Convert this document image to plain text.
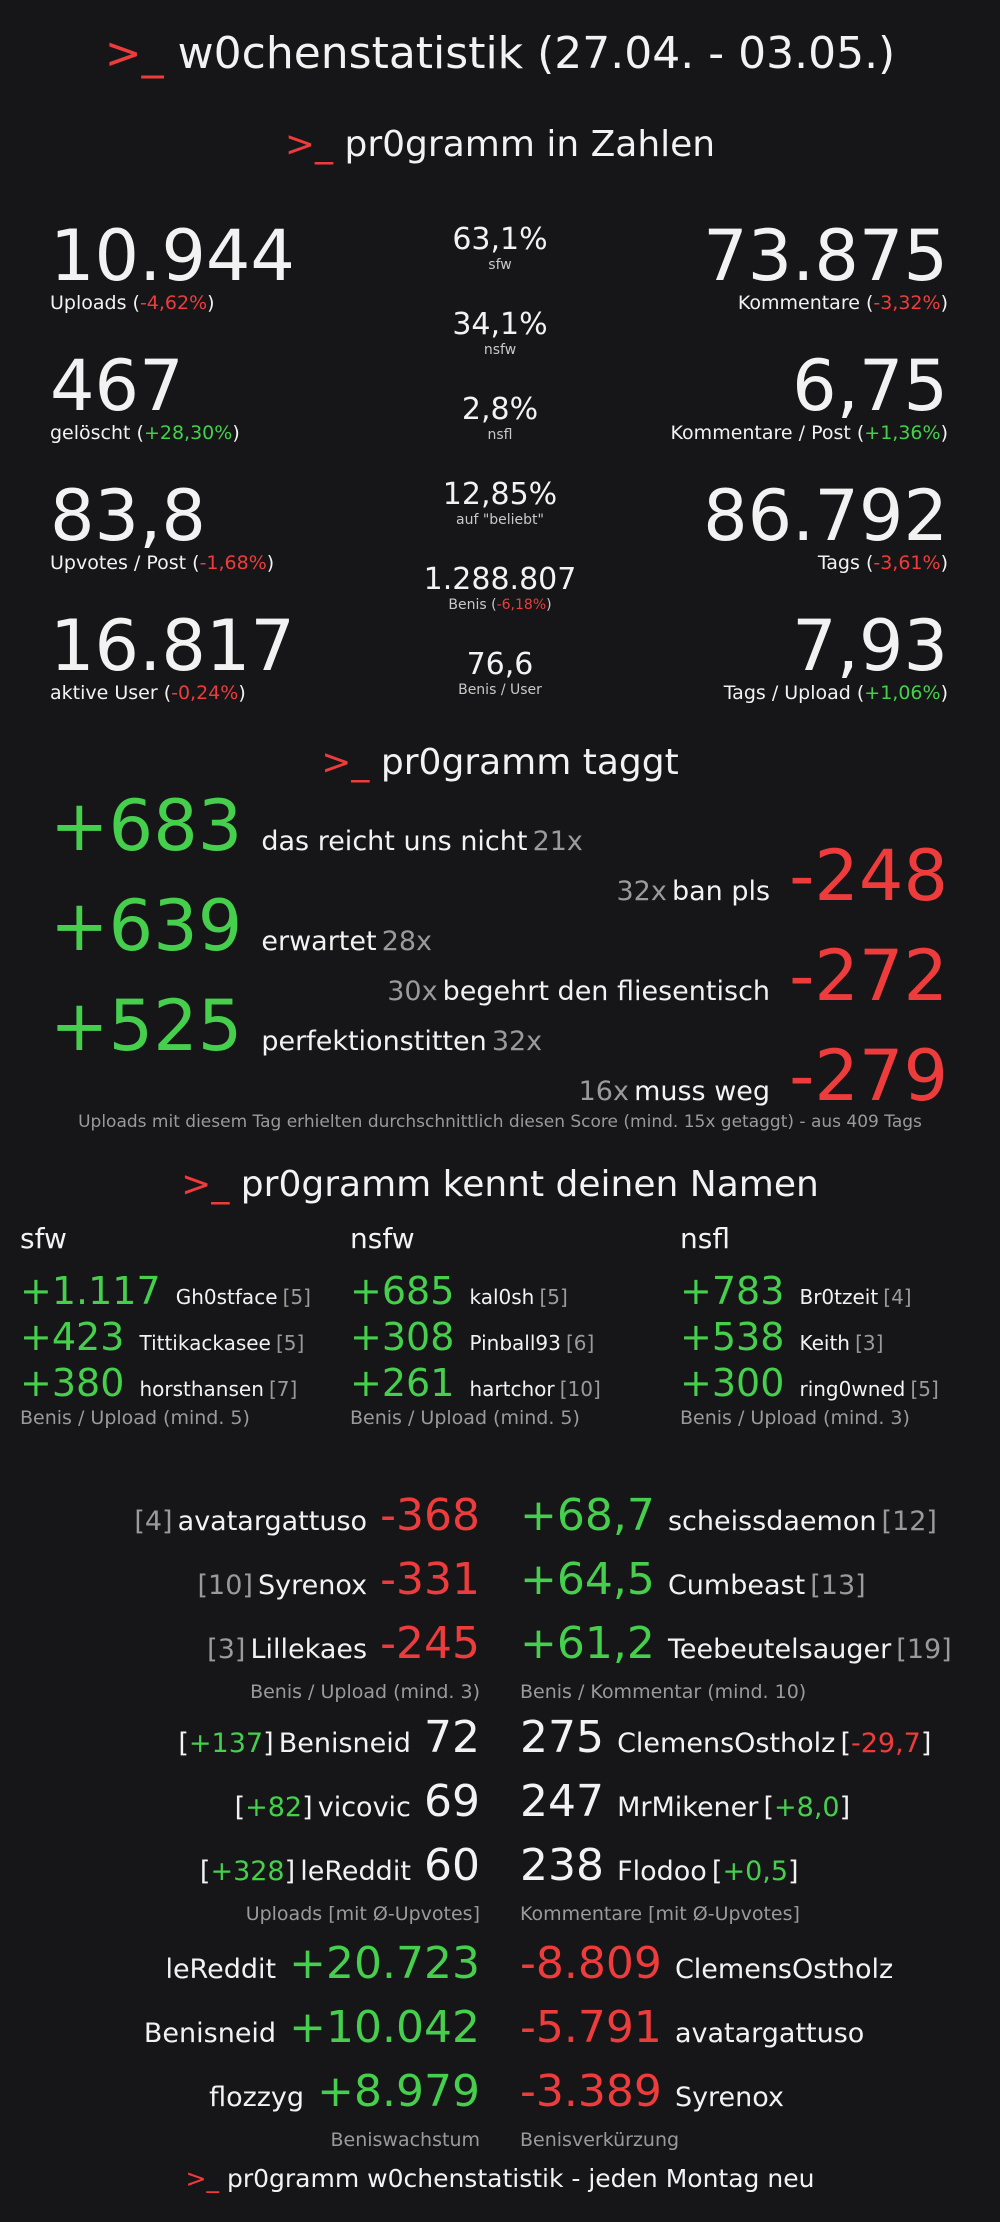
>_ w0chenstatistik (27.04. - 03.05.)
>_ pr0gramm in Zahlen
10.944
Uploads (-4,62%)
467
gelöscht (+28,30%)
83,8
Upvotes / Post (-1,68%)
16.817
aktive User (-0,24%)
63,1%
sfw
34,1%
nsfw
2,8%
nsfl
12,85%
auf "beliebt"
1.288.807
Benis (-6,18%)
76,6
Benis / User
73.875
Kommentare (-3,32%)
6,75
Kommentare / Post (+1,36%)
86.792
Tags (-3,61%)
7,93
Tags / Upload (+1,06%)
>_ pr0gramm taggt
+683 das reicht uns nicht 21x
+639 erwartet 28x
+525 perfektionstitten 32x
32x ban pls -248
30x begehrt den fliesentisch -272
16x muss weg -279
Uploads mit diesem Tag erhielten durchschnittlich diesen Score (mind. 15x getaggt) - aus 409 Tags
>_ pr0gramm kennt deinen Namen
sfw
+1.117 Gh0stface [5]
+423 Tittikackasee [5]
+380 horsthansen [7]
Benis / Upload (mind. 5)
nsfw
+685 kal0sh [5]
+308 Pinball93 [6]
+261 hartchor [10]
Benis / Upload (mind. 5)
nsfl
+783 Br0tzeit [4]
+538 Keith [3]
+300 ring0wned [5]
Benis / Upload (mind. 3)
[4] avatargattuso -368
[10] Syrenox -331
[3] Lillekaes -245
Benis / Upload (mind. 3)
+68,7 scheissdaemon [12]
+64,5 Cumbeast [13]
+61,2 Teebeutelsauger [19]
Benis / Kommentar (mind. 10)
[+137] Benisneid 72
[+82] vicovic 69
[+328] leReddit 60
Uploads [mit Ø-Upvotes]
275 ClemensOstholz [-29,7]
247 MrMikener [+8,0]
238 Flodoo [+0,5]
Kommentare [mit Ø-Upvotes]
leReddit +20.723
Benisneid +10.042
flozzyg +8.979
Beniswachstum
-8.809 ClemensOstholz
-5.791 avatargattuso
-3.389 Syrenox
Benisverkürzung
>_ pr0gramm w0chenstatistik - jeden Montag neu
